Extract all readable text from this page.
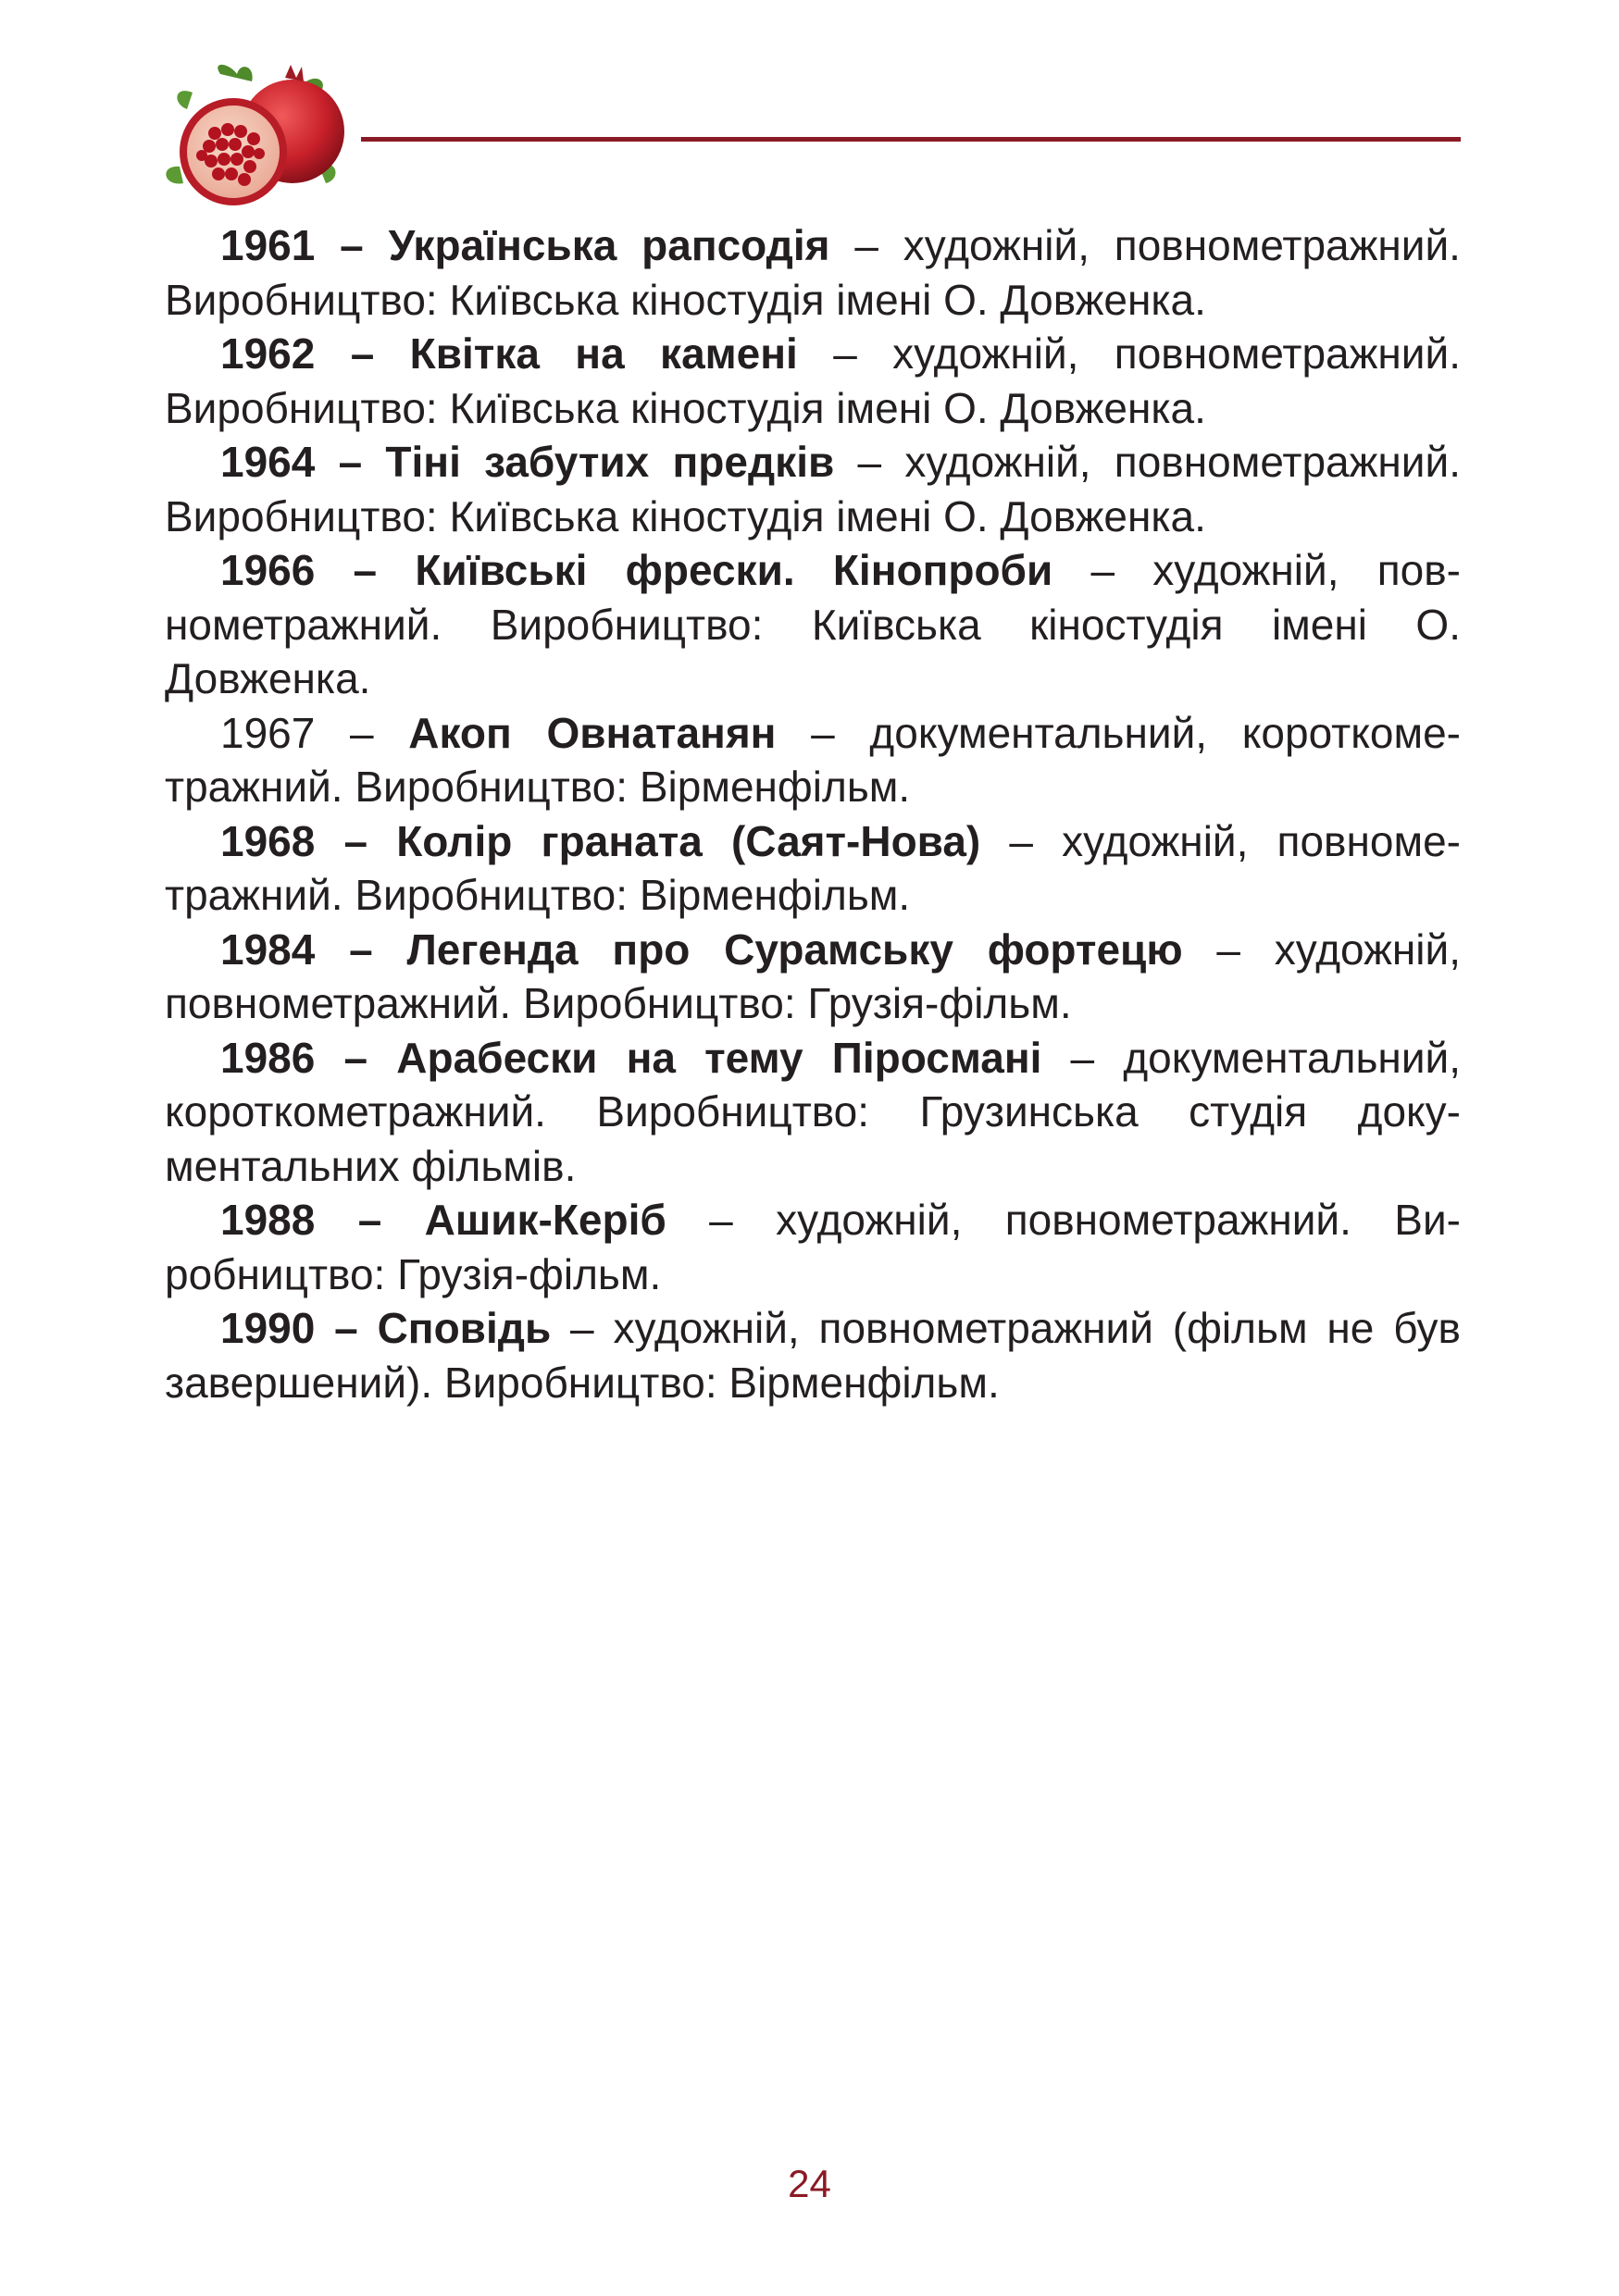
1961 – Українська рапсодія – художній, повнометражний. Виробництво: Київська кіностудія імені О. Довженка.

1962 – Квітка на камені – художній, повнометражний. Виробництво: Київська кіностудія імені О. Довженка.

1964 – Тіні забутих предків – художній, повнометражний. Виробництво: Київська кіностудія імені О. Довженка.

1966 – Київські фрески. Кінопроби – художній, повнометражний. Виробництво: Київська кіностудія імені О. Довженка.

1967 – Акоп Овнатанян – документальний, короткометражний. Виробництво: Вірменфільм.

1968 – Колір граната (Саят-Нова) – художній, повнометражний. Виробництво: Вірменфільм.

1984 – Легенда про Сурамську фортецю – художній, повнометражний. Виробництво: Грузія-фільм.

1986 – Арабески на тему Піросмані – документальний, короткометражний. Виробництво: Грузинська студія документальних фільмів.

1988 – Ашик-Керіб – художній, повнометражний. Виробництво: Грузія-фільм.

1990 – Сповідь – художній, повнометражний (фільм не був завершений). Виробництво: Вірменфільм.

24
